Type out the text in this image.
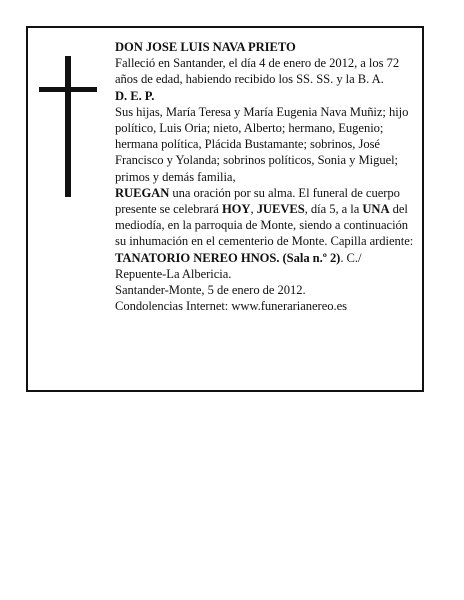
DON JOSE LUIS NAVA PRIETO

Falleció en Santander, el día 4 de enero de 2012, a los 72 años de edad, habiendo recibido los SS. SS. y la B. A.

D. E. P.

Sus hijas, María Teresa y María Eugenia Nava Muñiz; hijo político, Luis Oria; nieto, Alberto; hermano, Eugenio; hermana política, Plácida Bustamante; sobrinos, José Francisco y Yolanda; sobrinos políticos, Sonia y Miguel; primos y demás familia,

RUEGAN una oración por su alma. El funeral de cuerpo presente se celebrará HOY, JUEVES, día 5, a la UNA del mediodía, en la parroquia de Monte, siendo a continuación su inhumación en el cementerio de Monte. Capilla ardiente: TANATORIO NEREO HNOS. (Sala n.º 2). C./ Repuente-La Albericia.

Santander-Monte, 5 de enero de 2012.

Condolencias Internet: www.funerarianereo.es
